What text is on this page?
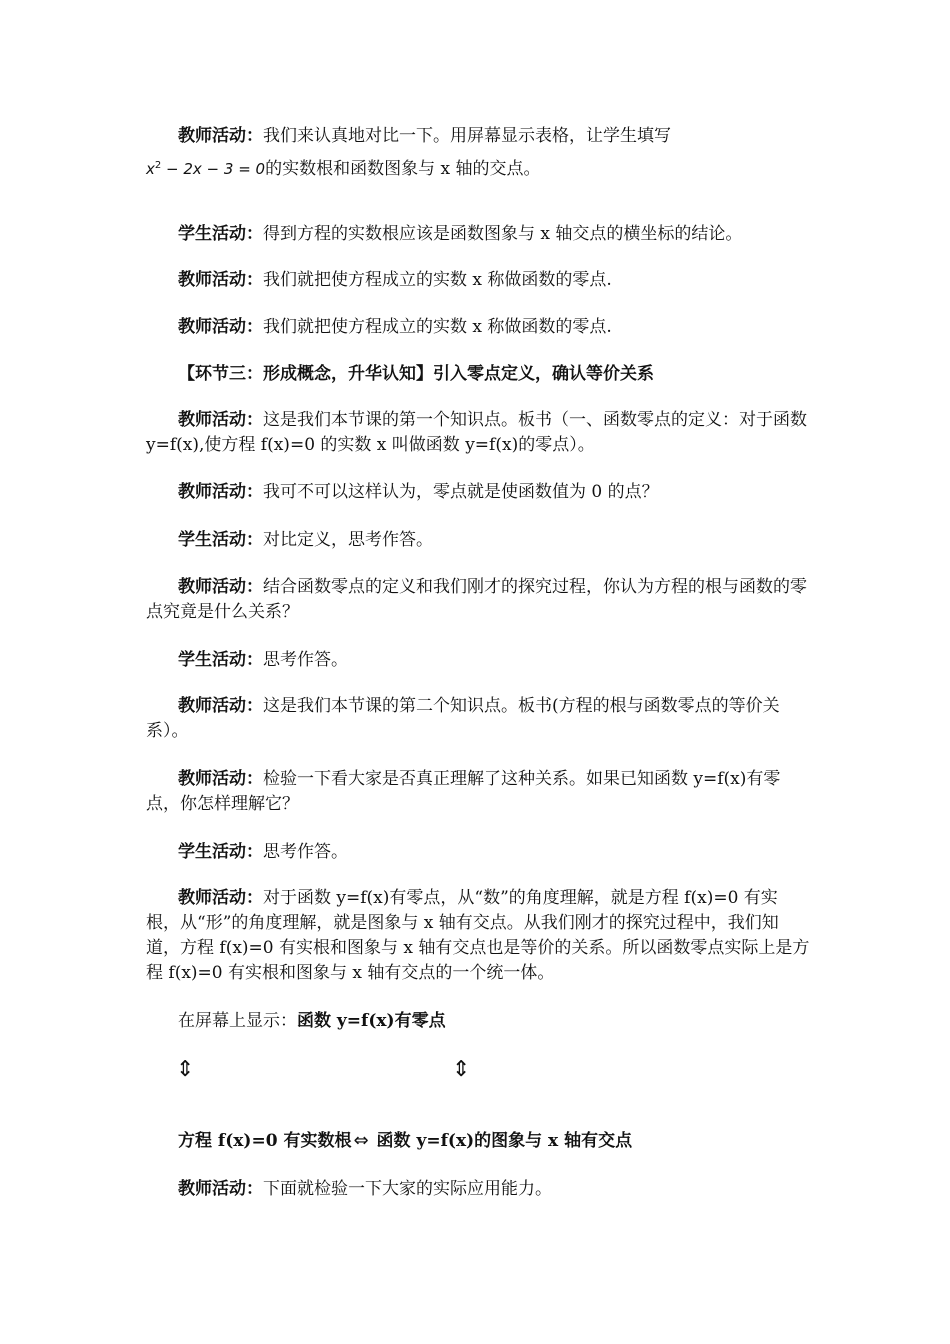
教师活动：我们来认真地对比一下。用屏幕显示表格，让学生填写

$x^2 - 2x - 3 = 0$的实数根和函数图象与 x 轴的交点。

学生活动：得到方程的实数根应该是函数图象与 x 轴交点的横坐标的结论。

教师活动：我们就把使方程成立的实数 x 称做函数的零点.

教师活动：我们就把使方程成立的实数 x 称做函数的零点.

【环节三：形成概念，升华认知】引入零点定义，确认等价关系

教师活动：这是我们本节课的第一个知识点。板书（一、函数零点的定义：对于函数 y=f(x),使方程 f(x)=0 的实数 x 叫做函数 y=f(x)的零点）。

教师活动：我可不可以这样认为，零点就是使函数值为 0 的点？

学生活动：对比定义，思考作答。

教师活动：结合函数零点的定义和我们刚才的探究过程，你认为方程的根与函数的零点究竟是什么关系？

学生活动：思考作答。

教师活动：这是我们本节课的第二个知识点。板书(方程的根与函数零点的等价关系）。

教师活动：检验一下看大家是否真正理解了这种关系。如果已知函数 y=f(x)有零点，你怎样理解它？

学生活动：思考作答。

教师活动：对于函数 y=f(x)有零点，从“数”的角度理解，就是方程 f(x)=0 有实根，从“形”的角度理解，就是图象与 x 轴有交点。从我们刚才的探究过程中，我们知道，方程 f(x)=0 有实根和图象与 x 轴有交点也是等价的关系。所以函数零点实际上是方程 f(x)=0 有实根和图象与 x 轴有交点的一个统一体。

在屏幕上显示：函数 y=f(x)有零点

⇕	⇕

方程 f(x)=0 有实数根 ⇔ 函数 y=f(x)的图象与 x 轴有交点

教师活动：下面就检验一下大家的实际应用能力。
